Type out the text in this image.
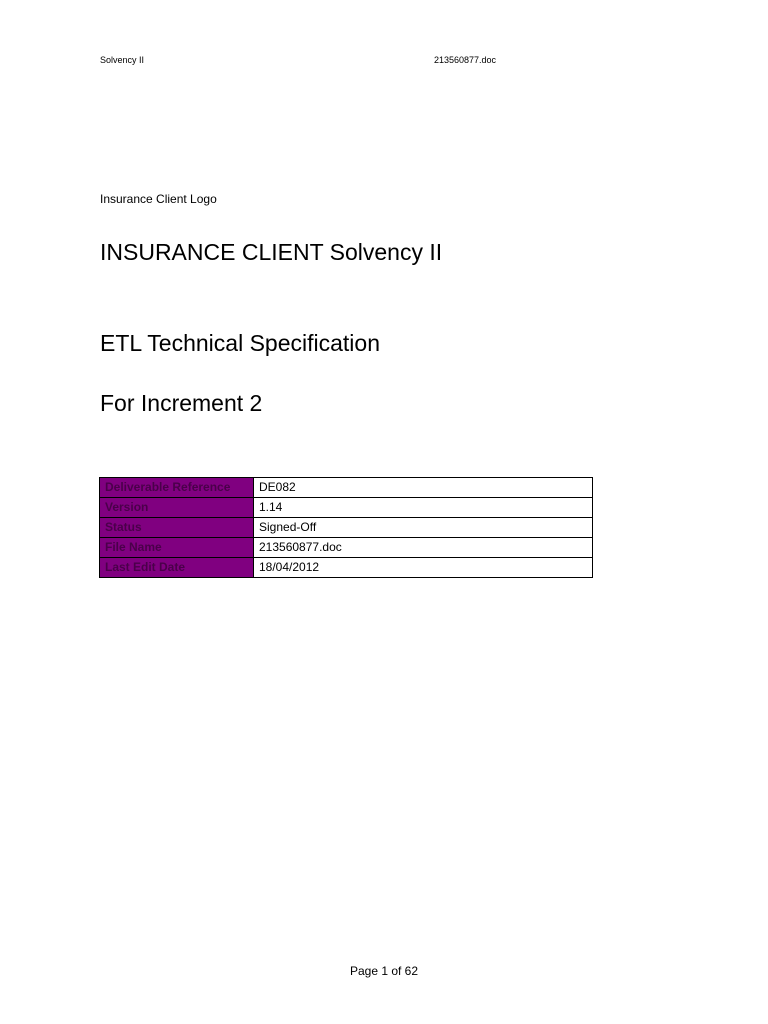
Solvency II	213560877.doc
Insurance Client Logo
INSURANCE CLIENT Solvency II
ETL Technical Specification
For Increment 2
Deliverable Reference	DE082
Version	1.14
Status	Signed-Off
File Name	213560877.doc
Last Edit Date	18/04/2012
Page 1 of 62
